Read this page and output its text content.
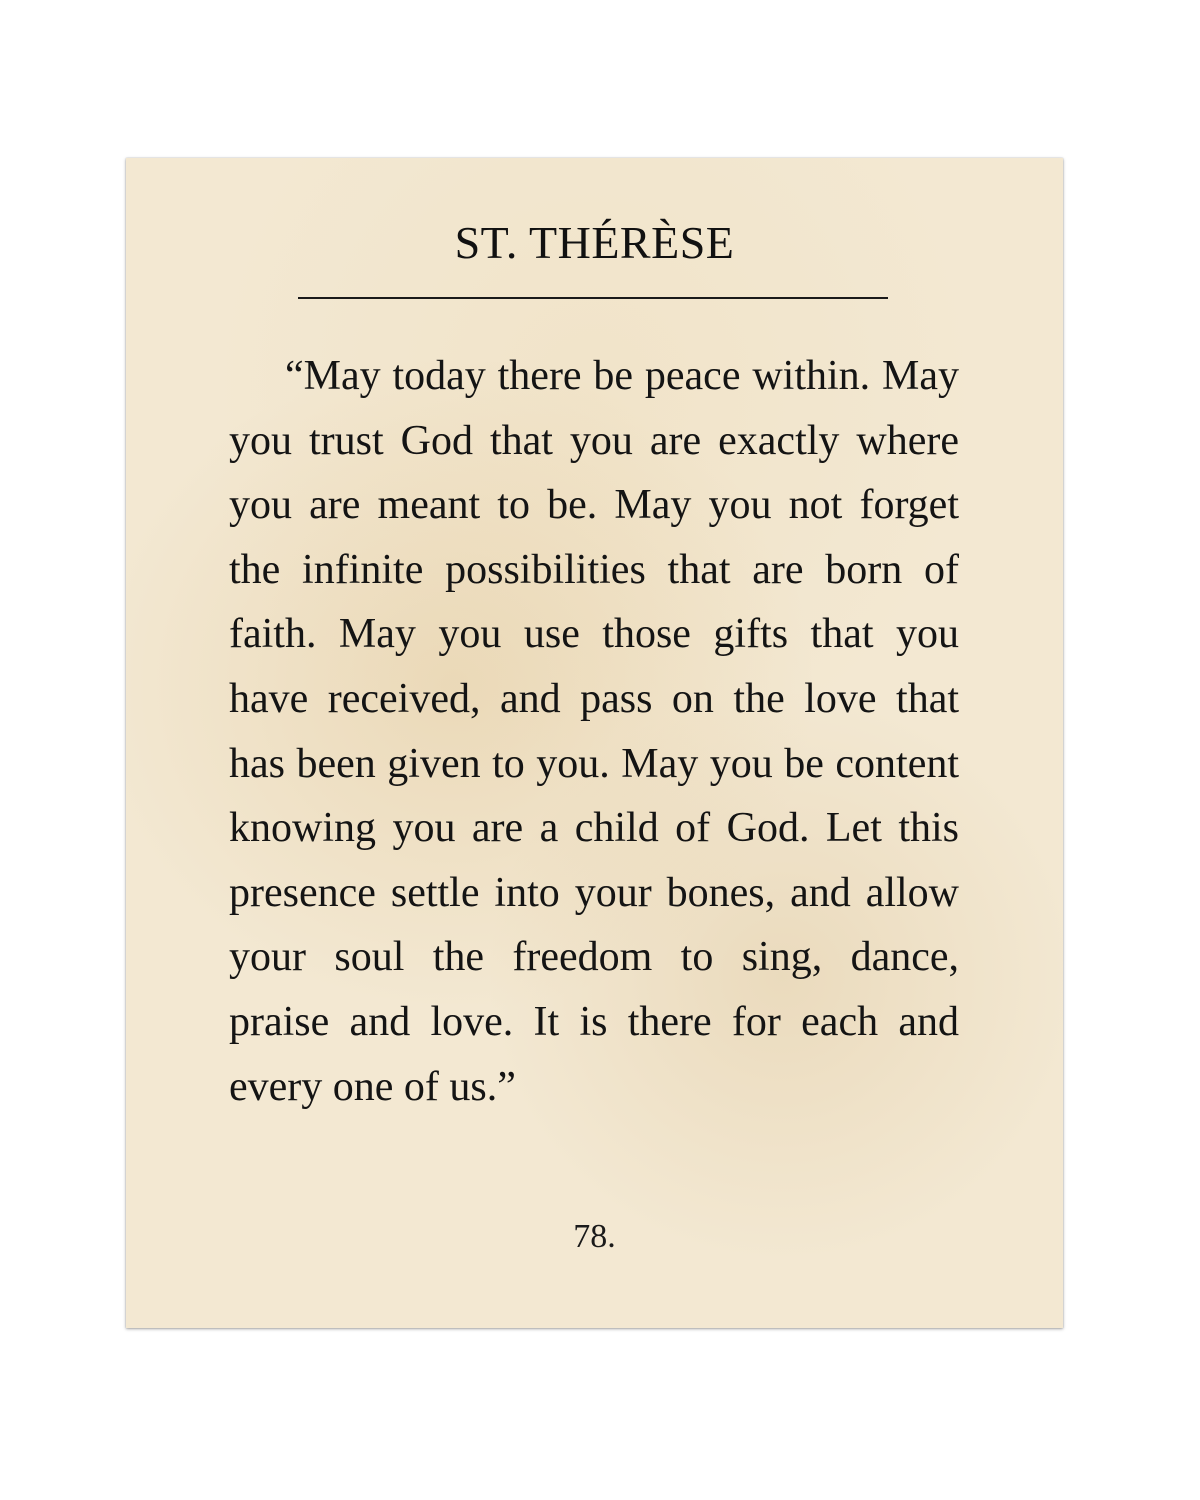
ST. THÉRÈSE

“May today there be peace within. May you trust God that you are exactly where you are meant to be. May you not forget the infinite possibilities that are born of faith. May you use those gifts that you have received, and pass on the love that has been given to you. May you be content knowing you are a child of God. Let this presence settle into your bones, and allow your soul the freedom to sing, dance, praise and love. It is there for each and every one of us.”

78.
